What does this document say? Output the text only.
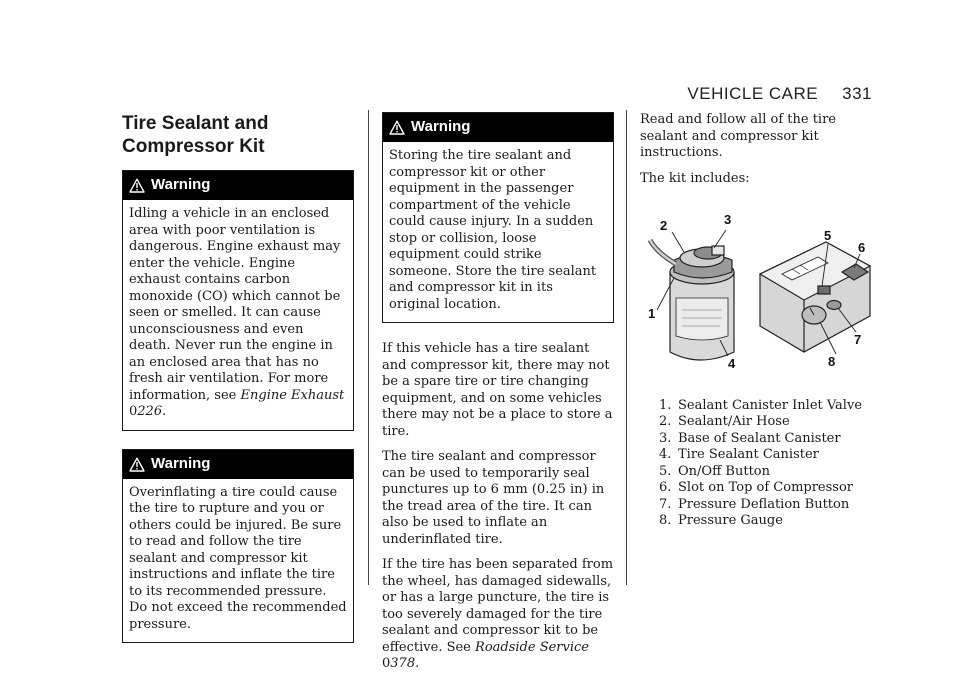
VEHICLE CARE 331
Tire Sealant and Compressor Kit
Warning

Idling a vehicle in an enclosed area with poor ventilation is dangerous. Engine exhaust may enter the vehicle. Engine exhaust contains carbon monoxide (CO) which cannot be seen or smelled. It can cause unconsciousness and even death. Never run the engine in an enclosed area that has no fresh air ventilation. For more information, see Engine Exhaust 0226.

Warning

Overinflating a tire could cause the tire to rupture and you or others could be injured. Be sure to read and follow the tire sealant and compressor kit instructions and inflate the tire to its recommended pressure. Do not exceed the recommended pressure.

Warning

Storing the tire sealant and compressor kit or other equipment in the passenger compartment of the vehicle could cause injury. In a sudden stop or collision, loose equipment could strike someone. Store the tire sealant and compressor kit in its original location.

If this vehicle has a tire sealant and compressor kit, there may not be a spare tire or tire changing equipment, and on some vehicles there may not be a place to store a tire.

The tire sealant and compressor can be used to temporarily seal punctures up to 6 mm (0.25 in) in the tread area of the tire. It can also be used to inflate an underinflated tire.

If the tire has been separated from the wheel, has damaged sidewalls, or has a large puncture, the tire is too severely damaged for the tire sealant and compressor kit to be effective. See Roadside Service 0378.

Read and follow all of the tire sealant and compressor kit instructions.

The kit includes:

1
2	3
4
5
6
7
8
1. Sealant Canister Inlet Valve
2. Sealant/Air Hose
3. Base of Sealant Canister
4. Tire Sealant Canister
5. On/Off Button
6. Slot on Top of Compressor
7. Pressure Deflation Button
8. Pressure Gauge
